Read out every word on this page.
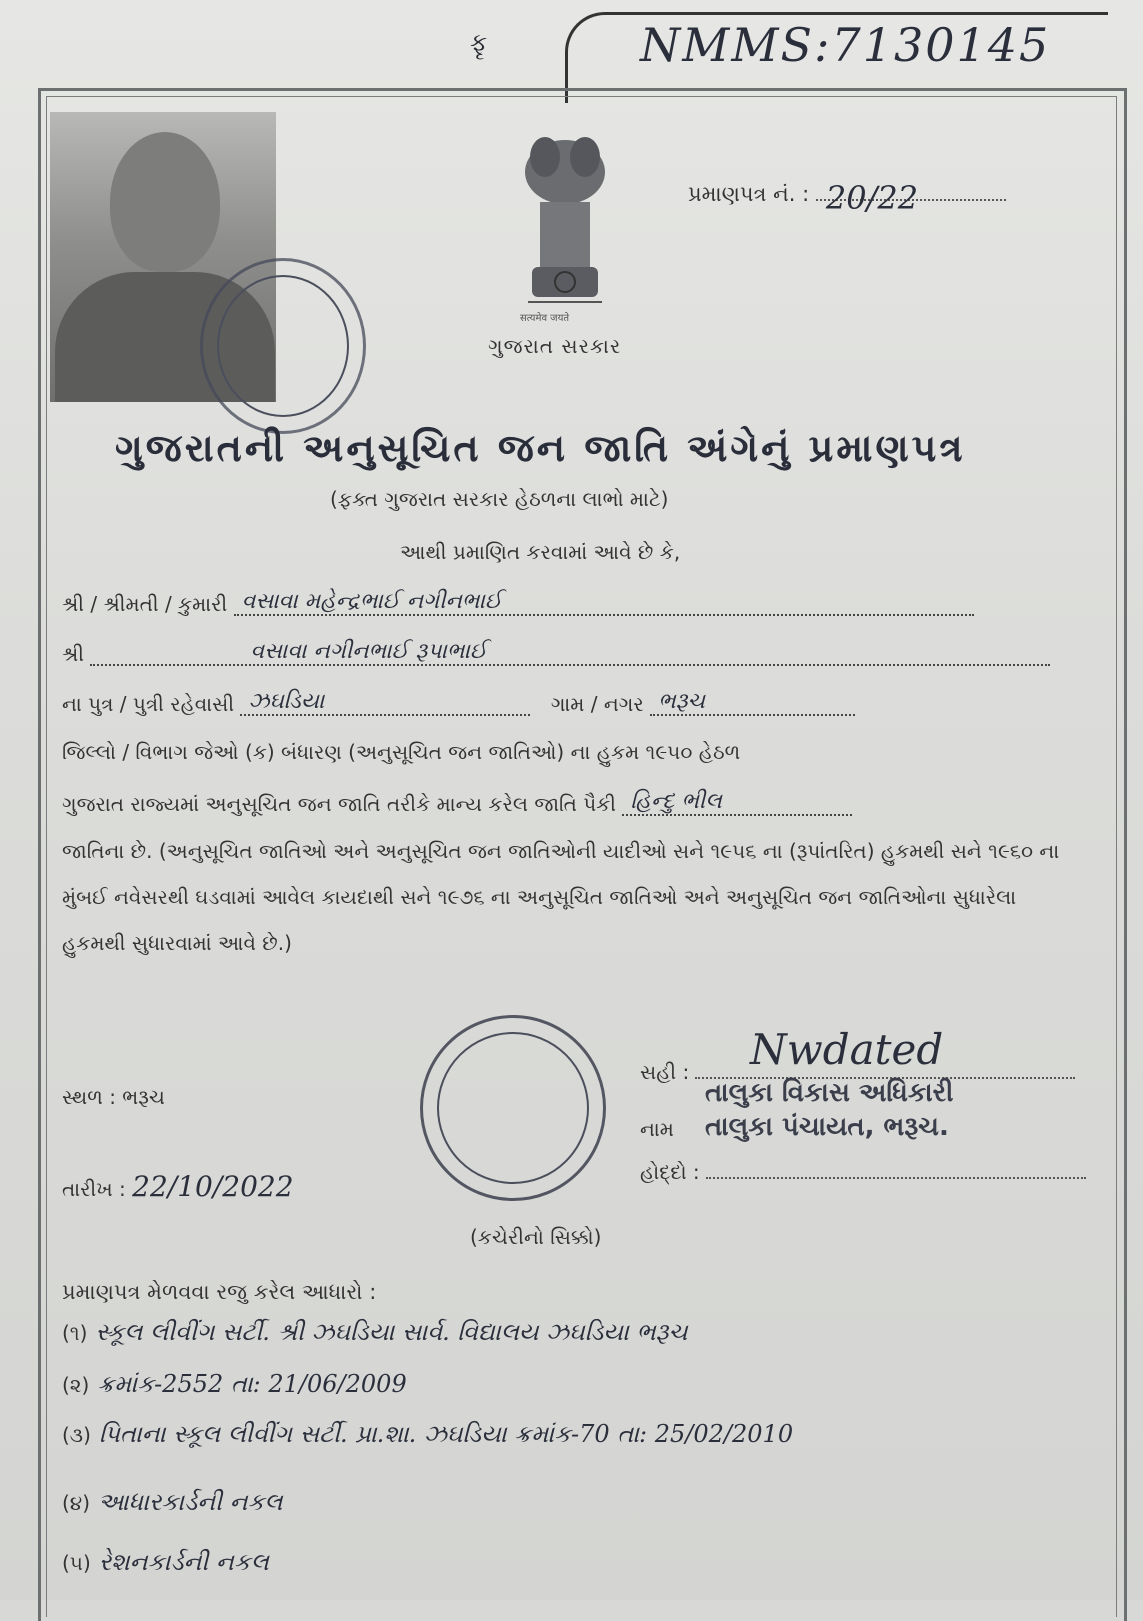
ફૃ	NMMS:7130145
सत्यमेव जयते
ગુજરાત સરકાર
પ્રમાણપત્ર નં. : 20/22
ગુજરાતની અનુસૂચિત જન જાતિ અંગેનું પ્રમાણપત્ર
(ફક્ત ગુજરાત સરકાર હેઠળના લાભો માટે)
આથી પ્રમાણિત કરવામાં આવે છે કે,
શ્રી / શ્રીમતી / કુમારી વસાવા મહેન્દ્રભાઈ નગીનભાઈ
શ્રી	વસાવા નગીનભાઈ રૂપાભાઈ
ના પુત્ર / પુત્રી રહેવાસી ઝઘડિયા	ગામ / નગર ભરૂચ
જિલ્લો / વિભાગ જેઓ (ક) બંધારણ (અનુસૂચિત જન જાતિઓ) ના હુકમ ૧૯૫૦ હેઠળ
ગુજરાત રાજ્યમાં અનુસૂચિત જન જાતિ તરીકે માન્ય કરેલ જાતિ પૈકી હિન્દુ ભીલ
જાતિના છે. (અનુસૂચિત જાતિઓ અને અનુસૂચિત જન જાતિઓની યાદીઓ સને ૧૯૫૬ ના (રૂપાંતરિત) હુકમથી સને ૧૯૬૦ ના મુંબઈ નવેસરથી ઘડવામાં આવેલ કાયદાથી સને ૧૯૭૬ ના અનુસૂચિત જાતિઓ અને અનુસૂચિત જન જાતિઓના સુધારેલા હુકમથી સુધારવામાં આવે છે.)
સ્થળ : ભરૂચ
તારીખ : 22/10/2022
સહી :	Nwdated
તાલુકા વિકાસ અધિકારી
નામ તાલુકા પંચાયત, ભરૂચ.
હોદ્દો :
(કચેરીનો સિક્કો)
પ્રમાણપત્ર મેળવવા રજુ કરેલ આધારો :
(૧) સ્કૂલ લીવીંગ સર્ટી. શ્રી ઝઘડિયા સાર્વ. વિદ્યાલય ઝઘડિયા ભરૂચ
(૨) ક્રમાંક-2552 તા: 21/06/2009
(૩) પિતાના સ્કૂલ લીવીંગ સર્ટી. પ્રા.શા. ઝઘડિયા ક્રમાંક-70 તા: 25/02/2010
(૪) આધારકાર્ડની નકલ
(૫) રેશનકાર્ડની નકલ
